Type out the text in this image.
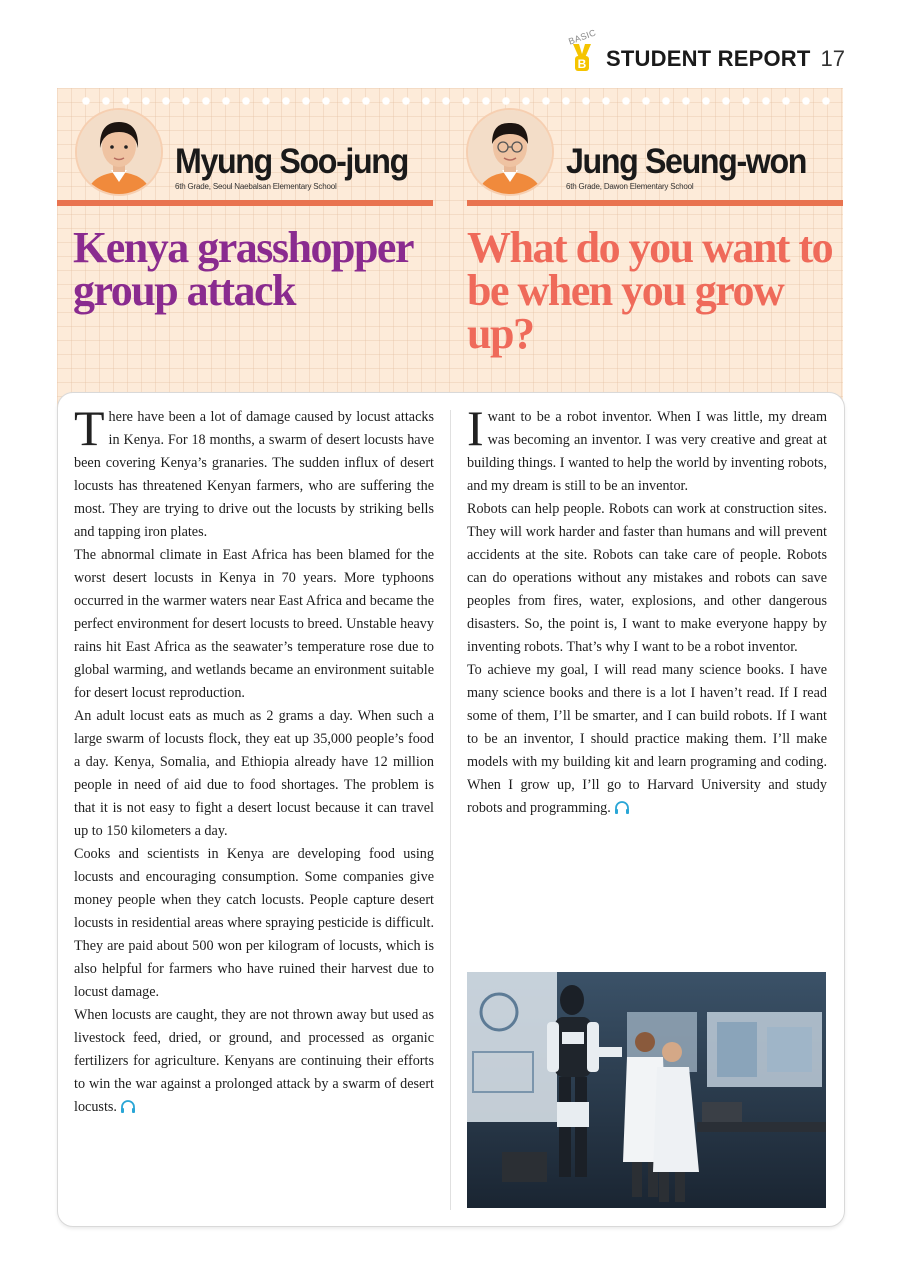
BASIC
B STUDENT REPORT 17
Myung Soo-jung
6th Grade, Seoul Naebalsan Elementary School
Jung Seung-won
6th Grade, Dawon Elementary School
Kenya grasshopper group attack
What do you want to be when you grow up?

There have been a lot of damage caused by locust attacks in Kenya. For 18 months, a swarm of desert locusts have been covering Kenya’s granaries. The sudden influx of desert locusts has threatened Kenyan farmers, who are suffering the most. They are trying to drive out the locusts by striking bells and tapping iron plates.

The abnormal climate in East Africa has been blamed for the worst desert locusts in Kenya in 70 years. More typhoons occurred in the warmer waters near East Africa and became the perfect environment for desert locusts to breed. Unstable heavy rains hit East Africa as the seawater’s temperature rose due to global warming, and wetlands became an environment suitable for desert locust reproduction.

An adult locust eats as much as 2 grams a day. When such a large swarm of locusts flock, they eat up 35,000 people’s food a day. Kenya, Somalia, and Ethiopia already have 12 million people in need of aid due to food shortages. The problem is that it is not easy to fight a desert locust because it can travel up to 150 kilometers a day.

Cooks and scientists in Kenya are developing food using locusts and encouraging consumption. Some companies give money people when they catch locusts. People capture desert locusts in residential areas where spraying pesticide is difficult. They are paid about 500 won per kilogram of locusts, which is also helpful for farmers who have ruined their harvest due to locust damage.

When locusts are caught, they are not thrown away but used as livestock feed, dried, or ground, and processed as organic fertilizers for agriculture. Kenyans are continuing their efforts to win the war against a prolonged attack by a swarm of desert locusts.

Iwant to be a robot inventor. When I was little, my dream was becoming an inventor. I was very creative and great at building things. I wanted to help the world by inventing robots, and my dream is still to be an inventor.

Robots can help people. Robots can work at construction sites. They will work harder and faster than humans and will prevent accidents at the site. Robots can take care of people. Robots can do operations without any mistakes and robots can save peoples from fires, water, explosions, and other dangerous disasters. So, the point is, I want to make everyone happy by inventing robots. That’s why I want to be a robot inventor.

To achieve my goal, I will read many science books. I have many science books and there is a lot I haven’t read. If I read some of them, I’ll be smarter, and I can build robots. If I want to be an inventor, I should practice making them. I’ll make models with my building kit and learn programing and coding. When I grow up, I’ll go to Harvard University and study robots and programming.
